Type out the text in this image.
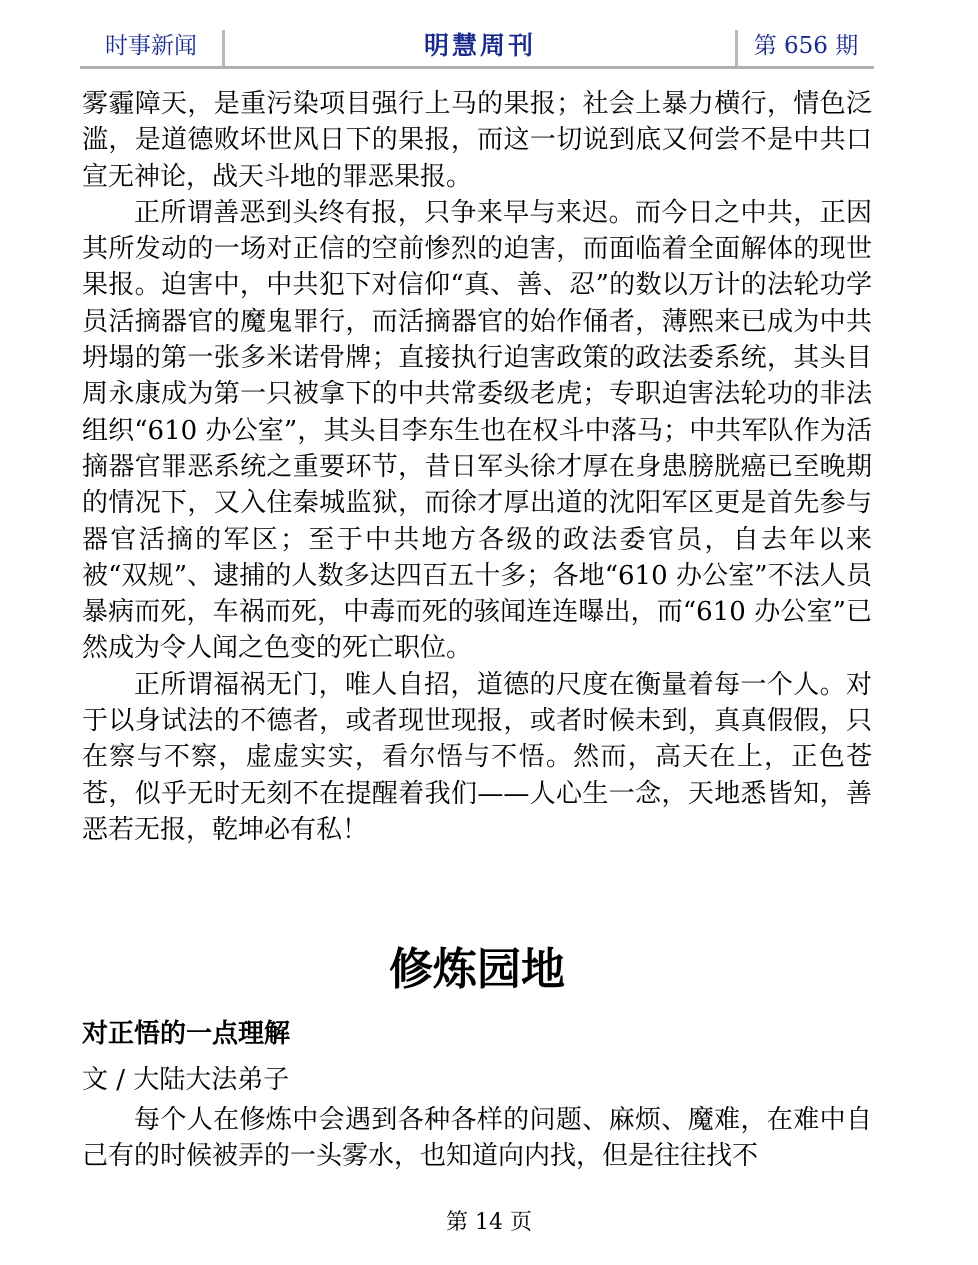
时事新闻	明慧周刊	第 656 期

雾霾障天，是重污染项目强行上马的果报；社会上暴力横行，情色泛滥，是道德败坏世风日下的果报，而这一切说到底又何尝不是中共口宣无神论，战天斗地的罪恶果报。

正所谓善恶到头终有报，只争来早与来迟。而今日之中共，正因其所发动的一场对正信的空前惨烈的迫害，而面临着全面解体的现世果报。迫害中，中共犯下对信仰“真、善、忍”的数以万计的法轮功学员活摘器官的魔鬼罪行，而活摘器官的始作俑者，薄熙来已成为中共坍塌的第一张多米诺骨牌；直接执行迫害政策的政法委系统，其头目周永康成为第一只被拿下的中共常委级老虎；专职迫害法轮功的非法组织“610 办公室”，其头目李东生也在权斗中落马；中共军队作为活摘器官罪恶系统之重要环节，昔日军头徐才厚在身患膀胱癌已至晚期的情况下，又入住秦城监狱，而徐才厚出道的沈阳军区更是首先参与器官活摘的军区；至于中共地方各级的政法委官员，自去年以来被“双规”、逮捕的人数多达四百五十多；各地“610 办公室”不法人员暴病而死，车祸而死，中毒而死的骇闻连连曝出，而“610 办公室”已然成为令人闻之色变的死亡职位。

正所谓福祸无门，唯人自招，道德的尺度在衡量着每一个人。对于以身试法的不德者，或者现世现报，或者时候未到，真真假假，只在察与不察，虚虚实实，看尔悟与不悟。然而，高天在上，正色苍苍，似乎无时无刻不在提醒着我们——人心生一念，天地悉皆知，善恶若无报，乾坤必有私！

修炼园地
对正悟的一点理解
文 / 大陆大法弟子

每个人在修炼中会遇到各种各样的问题、麻烦、魔难，在难中自己有的时候被弄的一头雾水，也知道向内找，但是往往找不

第 14 页
